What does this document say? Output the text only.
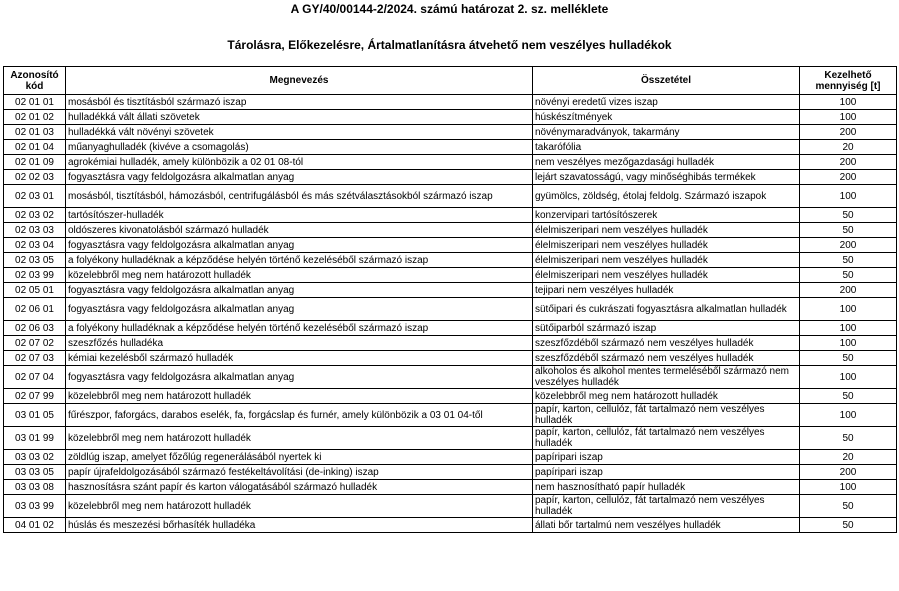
A GY/40/00144-2/2024. számú határozat 2. sz. melléklete
Tárolásra, Előkezelésre, Ártalmatlanításra átvehető nem veszélyes hulladékok
Azonosító kód	Megnevezés	Összetétel	Kezelhető mennyiség [t]
02 01 01	mosásból és tisztításból származó iszap	növényi eredetű vizes iszap	100
02 01 02	hulladékká vált állati szövetek	húskészítmények	100
02 01 03	hulladékká vált növényi szövetek	növénymaradványok, takarmány	200
02 01 04	műanyaghulladék (kivéve a csomagolás)	takarófólia	20
02 01 09	agrokémiai hulladék, amely különbözik a 02 01 08-tól	nem veszélyes mezőgazdasági hulladék	200
02 02 03	fogyasztásra vagy feldolgozásra alkalmatlan anyag	lejárt szavatosságú, vagy minőséghibás termékek	200
02 03 01	mosásból, tisztításból, hámozásból, centrifugálásból és más szétválasztásokból származó iszap	gyümölcs, zöldség, étolaj feldolg. Származó iszapok	100
02 03 02	tartósítószer-hulladék	konzervipari tartósítószerek	50
02 03 03	oldószeres kivonatolásból származó hulladék	élelmiszeripari nem veszélyes hulladék	50
02 03 04	fogyasztásra vagy feldolgozásra alkalmatlan anyag	élelmiszeripari nem veszélyes hulladék	200
02 03 05	a folyékony hulladéknak a képződése helyén történő kezeléséből származó iszap	élelmiszeripari nem veszélyes hulladék	50
02 03 99	közelebbről meg nem határozott hulladék	élelmiszeripari nem veszélyes hulladék	50
02 05 01	fogyasztásra vagy feldolgozásra alkalmatlan anyag	tejipari nem veszélyes hulladék	200
02 06 01	fogyasztásra vagy feldolgozásra alkalmatlan anyag	sütőipari és cukrászati fogyasztásra alkalmatlan hulladék	100
02 06 03	a folyékony hulladéknak a képződése helyén történő kezeléséből származó iszap	sütőiparból származó iszap	100
02 07 02	szeszfőzés hulladéka	szeszfőzdéből származó nem veszélyes hulladék	100
02 07 03	kémiai kezelésből származó hulladék	szeszfőzdéből származó nem veszélyes hulladék	50
02 07 04	fogyasztásra vagy feldolgozásra alkalmatlan anyag	alkoholos és alkohol mentes termeléséből származó nem veszélyes hulladék	100
02 07 99	közelebbről meg nem határozott hulladék	közelebbről meg nem határozott hulladék	50
03 01 05	fűrészpor, faforgács, darabos eselék, fa, forgácslap és furnér, amely különbözik a 03 01 04-től	papír, karton, cellulóz, fát tartalmazó nem veszélyes hulladék	100
03 01 99	közelebbről meg nem határozott hulladék	papír, karton, cellulóz, fát tartalmazó nem veszélyes hulladék	50
03 03 02	zöldlúg iszap, amelyet főzőlúg regenerálásából nyertek ki	papíripari iszap	20
03 03 05	papír újrafeldolgozásából származó festékeltávolítási (de-inking) iszap	papíripari iszap	200
03 03 08	hasznosításra szánt papír és karton válogatásából származó hulladék	nem hasznosítható papír hulladék	100
03 03 99	közelebbről meg nem határozott hulladék	papír, karton, cellulóz, fát tartalmazó nem veszélyes hulladék	50
04 01 02	húslás és meszezési bőrhasíték hulladéka	állati bőr tartalmú nem veszélyes hulladék	50
